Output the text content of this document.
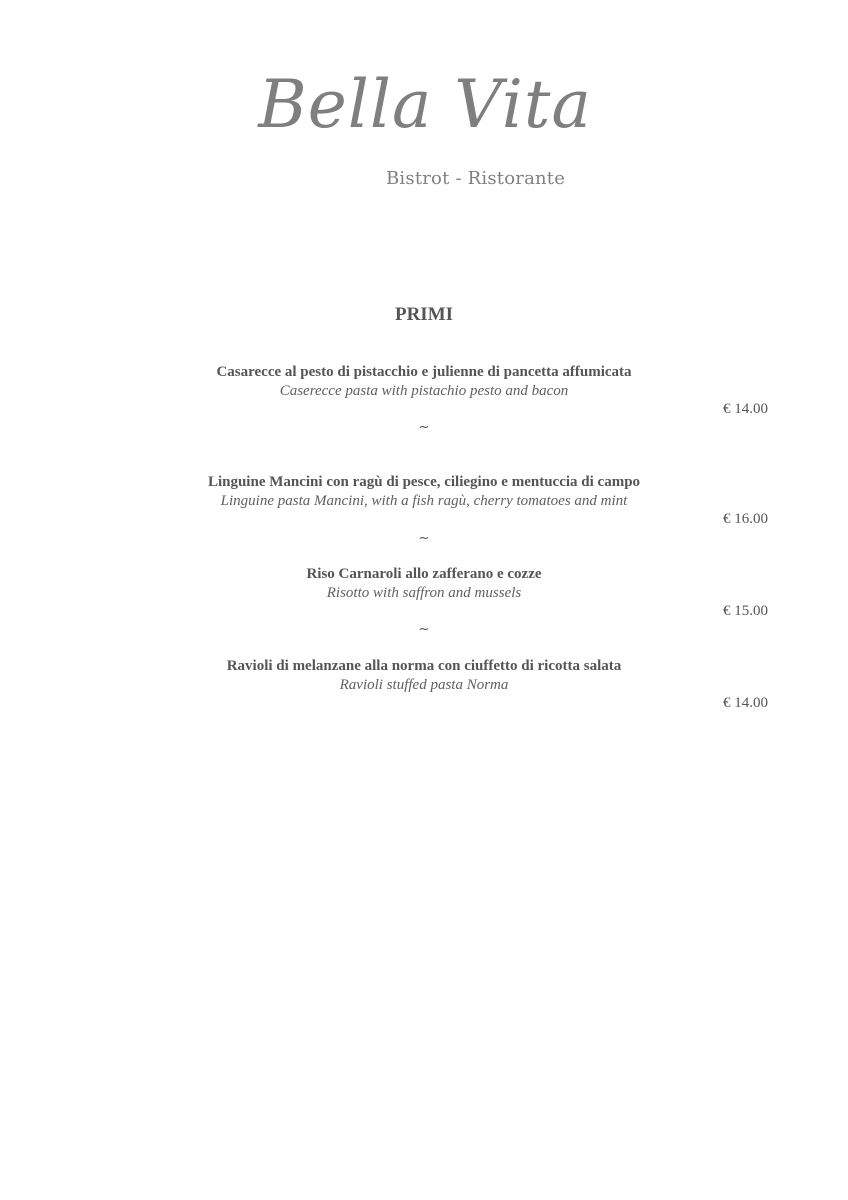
Bella Vita
Bistrot - Ristorante
PRIMI
Casarecce al pesto di pistacchio e julienne di pancetta affumicata
Caserecce pasta with pistachio pesto and bacon
€ 14.00
~
Linguine Mancini con ragù di pesce, ciliegino e mentuccia di campo
Linguine pasta Mancini, with a fish ragù, cherry tomatoes and mint
€ 16.00
~
Riso Carnaroli allo zafferano e cozze
Risotto with saffron and mussels
€ 15.00
~
Ravioli di melanzane alla norma con ciuffetto di ricotta salata
Ravioli stuffed pasta Norma
€ 14.00
